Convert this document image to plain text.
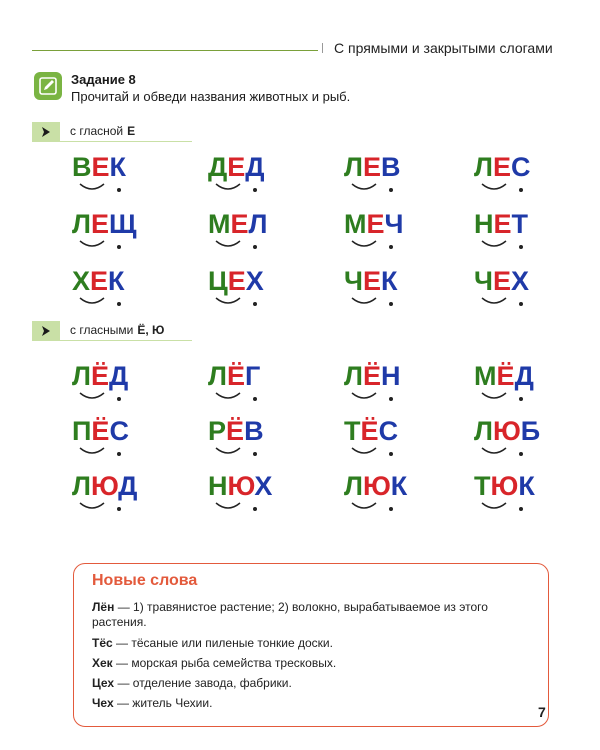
С прямыми и закрытыми слогами
Задание 8
Прочитай и обведи названия животных и рыб.
с гласной Е
с гласными Ё, Ю
Новые слова
Лён — 1) травянистое растение; 2) волокно, вырабатываемое из этого растения.
Тёс — тёсаные или пиленые тонкие доски.
Хек — морская рыба семейства тресковых.
Цех — отделение завода, фабрики.
Чех — житель Чехии.
7
ВЕК	ДЕД	ЛЕВ	ЛЕС
ЛЕЩ	МЕЛ	МЕЧ	НЕТ
ХЕК	ЦЕХ	ЧЕК	ЧЕХ
ЛЁД	ЛЁГ	ЛЁН	МЁД
ПЁС	РЁВ	ТЁС	ЛЮБ
ЛЮД	НЮХ	ЛЮК ТЮК
